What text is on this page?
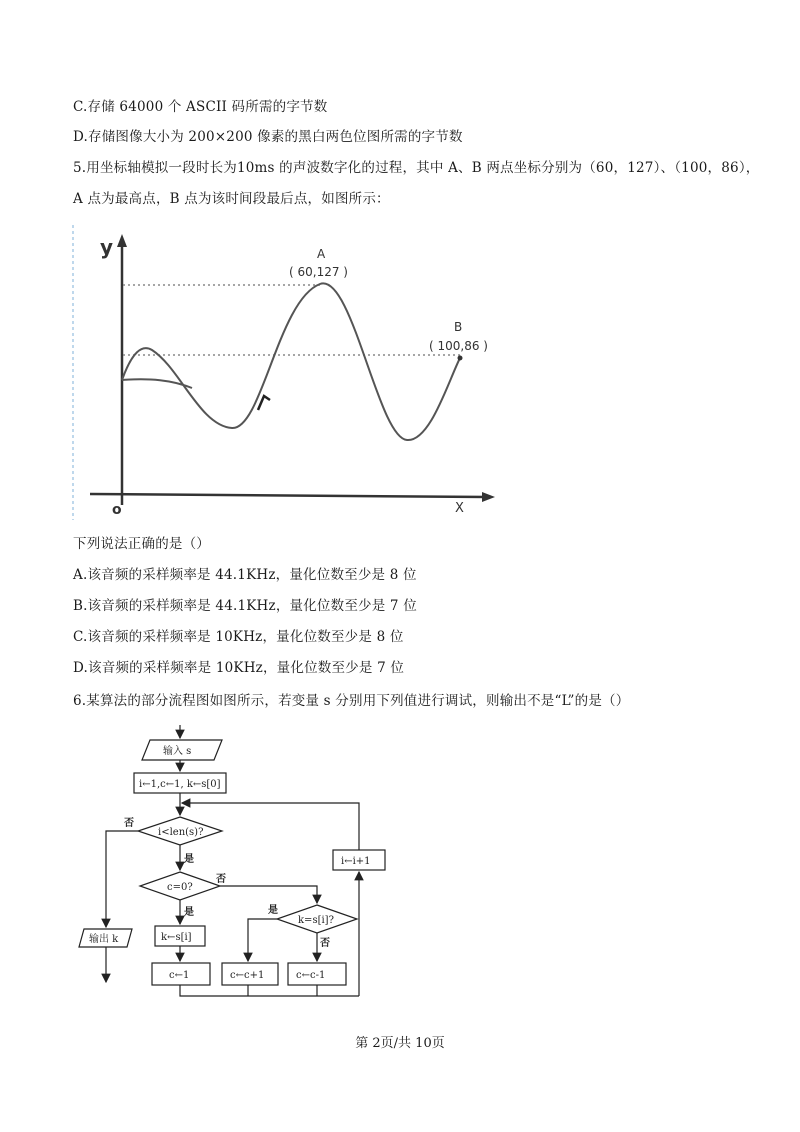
C.存储 64000 个 ASCII 码所需的字节数
D.存储图像大小为 200×200 像素的黑白两色位图所需的字节数
5.用坐标轴模拟一段时长为10ms 的声波数字化的过程，其中 A、B 两点坐标分别为（60，127）、（100，86），
A 点为最高点，B 点为该时间段最后点，如图所示：
y
X
o
A
( 60,127 )
B
( 100,86 )
下列说法正确的是（）
A.该音频的采样频率是 44.1KHz，量化位数至少是 8 位
B.该音频的采样频率是 44.1KHz，量化位数至少是 7 位
C.该音频的采样频率是 10KHz，量化位数至少是 8 位
D.该音频的采样频率是 10KHz，量化位数至少是 7 位
6.某算法的部分流程图如图所示，若变量 s 分别用下列值进行调试，则输出不是“L”的是（）
输入 s
i←1,c←1, k←s[0]
i<len(s)?
c=0?
k=s[i]?
k←s[i]
c←1	c←c+1	c←c-1
i←i+1
输出 k
否
是
否
是	是
否
第 2页/共 10页
